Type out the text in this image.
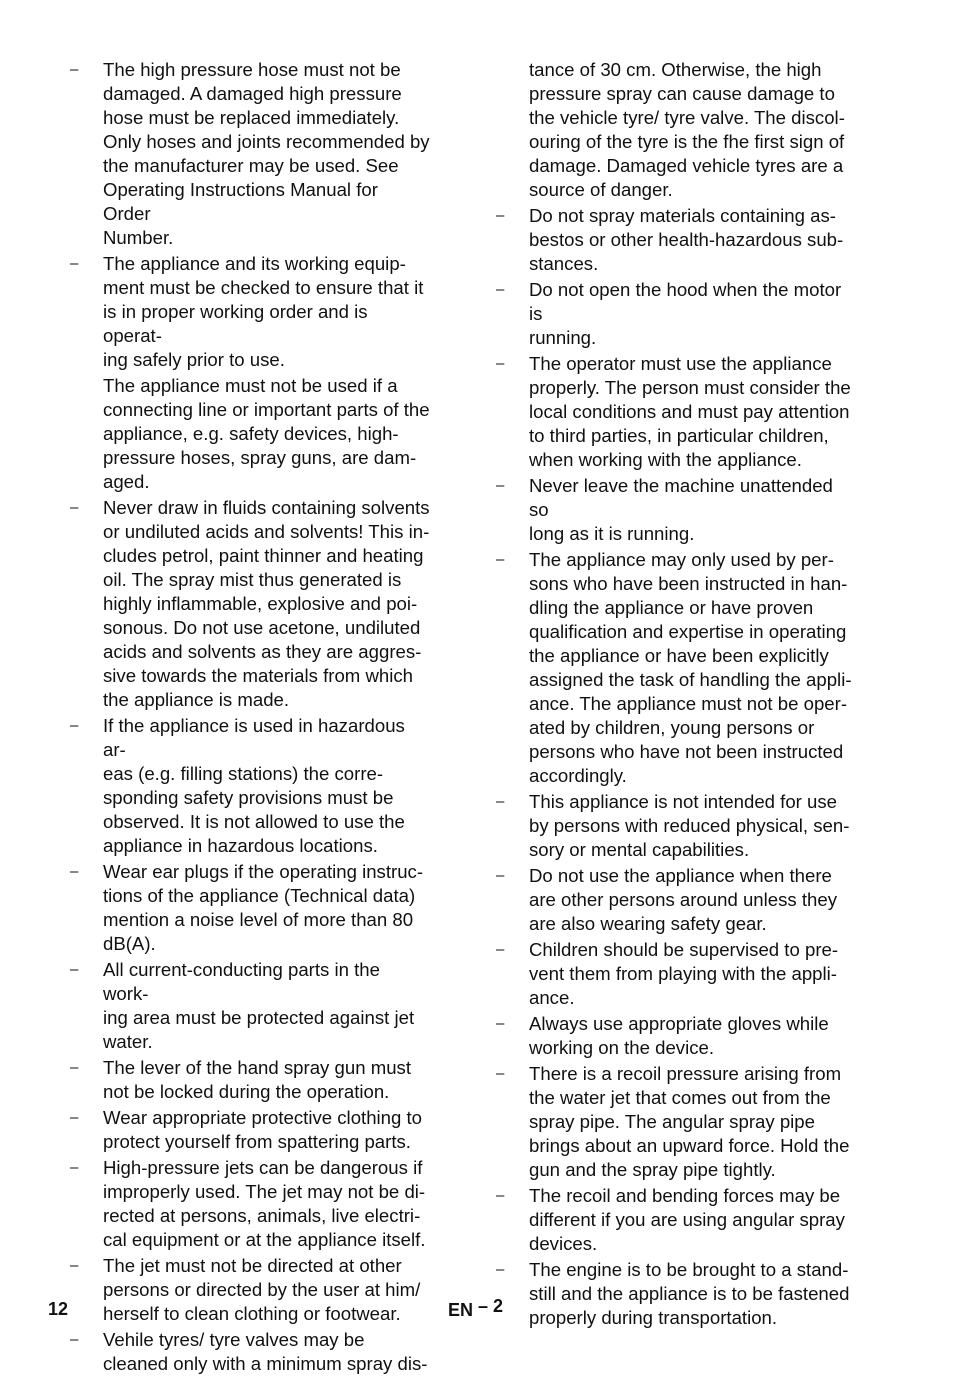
– The high pressure hose must not be
damaged. A damaged high pressure
hose must be replaced immediately.
Only hoses and joints recommended by
the manufacturer may be used. See
Operating Instructions Manual for Order
Number.

– The appliance and its working equip-
ment must be checked to ensure that it
is in proper working order and is operat-
ing safely prior to use.

The appliance must not be used if a
connecting line or important parts of the
appliance, e.g. safety devices, high-
pressure hoses, spray guns, are dam-
aged.

– Never draw in fluids containing solvents
or undiluted acids and solvents! This in-
cludes petrol, paint thinner and heating
oil. The spray mist thus generated is
highly inflammable, explosive and poi-
sonous. Do not use acetone, undiluted
acids and solvents as they are aggres-
sive towards the materials from which
the appliance is made.

– If the appliance is used in hazardous ar-
eas (e.g. filling stations) the corre-
sponding safety provisions must be
observed. It is not allowed to use the
appliance in hazardous locations.

– Wear ear plugs if the operating instruc-
tions of the appliance (Technical data)
mention a noise level of more than 80
dB(A).

– All current-conducting parts in the work-
ing area must be protected against jet
water.

– The lever of the hand spray gun must
not be locked during the operation.

– Wear appropriate protective clothing to
protect yourself from spattering parts.

– High-pressure jets can be dangerous if
improperly used. The jet may not be di-
rected at persons, animals, live electri-
cal equipment or at the appliance itself.

– The jet must not be directed at other
persons or directed by the user at him/
herself to clean clothing or footwear.

– Vehile tyres/ tyre valves may be
cleaned only with a minimum spray dis-

tance of 30 cm. Otherwise, the high
pressure spray can cause damage to
the vehicle tyre/ tyre valve. The discol-
ouring of the tyre is the fhe first sign of
damage. Damaged vehicle tyres are a
source of danger.

– Do not spray materials containing as-
bestos or other health-hazardous sub-
stances.

– Do not open the hood when the motor is
running.

– The operator must use the appliance
properly. The person must consider the
local conditions and must pay attention
to third parties, in particular children,
when working with the appliance.

– Never leave the machine unattended so
long as it is running.

– The appliance may only used by per-
sons who have been instructed in han-
dling the appliance or have proven
qualification and expertise in operating
the appliance or have been explicitly
assigned the task of handling the appli-
ance. The appliance must not be oper-
ated by children, young persons or
persons who have not been instructed
accordingly.

– This appliance is not intended for use
by persons with reduced physical, sen-
sory or mental capabilities.

– Do not use the appliance when there
are other persons around unless they
are also wearing safety gear.

– Children should be supervised to pre-
vent them from playing with the appli-
ance.

– Always use appropriate gloves while
working on the device.

– There is a recoil pressure arising from
the water jet that comes out from the
spray pipe. The angular spray pipe
brings about an upward force. Hold the
gun and the spray pipe tightly.

– The recoil and bending forces may be
different if you are using angular spray
devices.

– The engine is to be brought to a stand-
still and the appliance is to be fastened
properly during transportation.

12	EN – 2
